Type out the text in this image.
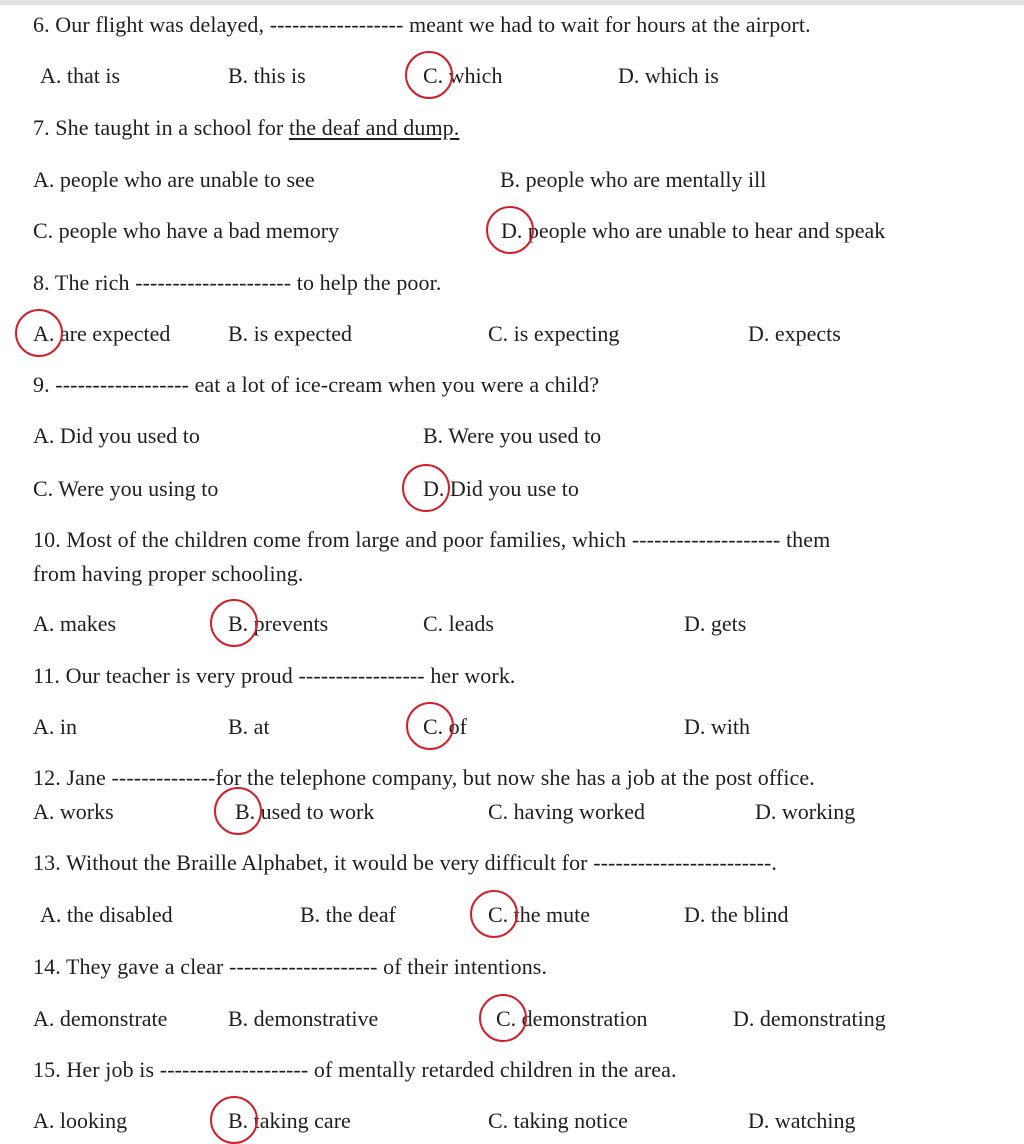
6. Our flight was delayed, ------------------ meant we had to wait for hours at the airport.
A. that is	B. this is	C. which	D. which is
7. She taught in a school for the deaf and dump.
A. people who are unable to see	B. people who are mentally ill
C. people who have a bad memory	D. people who are unable to hear and speak
8. The rich --------------------- to help the poor.
A. are expected	B. is expected	C. is expecting	D. expects
9. ------------------ eat a lot of ice-cream when you were a child?
A. Did you used to	B. Were you used to
C. Were you using to	D. Did you use to
10. Most of the children come from large and poor families, which -------------------- them
from having proper schooling.
A. makes	B. prevents	C. leads	D. gets
11. Our teacher is very proud ----------------- her work.
A. in	B. at	C. of	D. with
12. Jane --------------for the telephone company, but now she has a job at the post office.
A. works	B. used to work	C. having worked	D. working
13. Without the Braille Alphabet, it would be very difficult for ------------------------.
A. the disabled	B. the deaf	C. the mute	D. the blind
14. They gave a clear -------------------- of their intentions.
A. demonstrate	B. demonstrative	C. demonstration	D. demonstrating
15. Her job is -------------------- of mentally retarded children in the area.
A. looking	B. taking care	C. taking notice	D. watching
